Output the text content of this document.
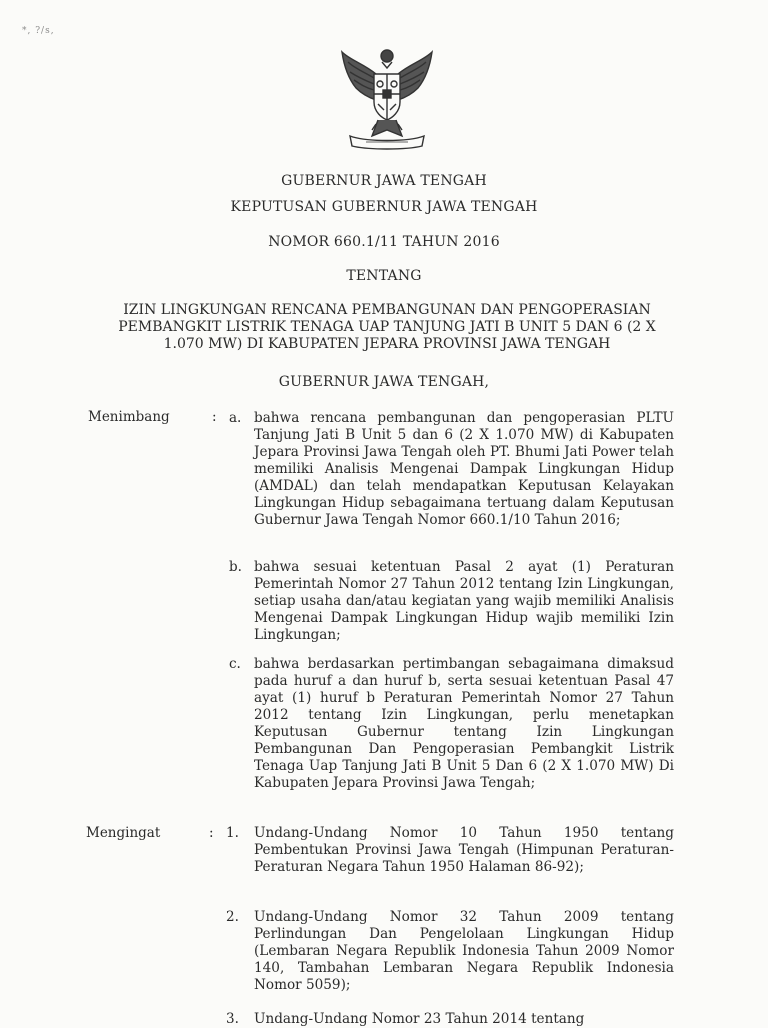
*, ?/s,
GUBERNUR JAWA TENGAH
KEPUTUSAN GUBERNUR JAWA TENGAH
NOMOR 660.1/11 TAHUN 2016
TENTANG
IZIN LINGKUNGAN RENCANA PEMBANGUNAN DAN PENGOPERASIAN
PEMBANGKIT LISTRIK TENAGA UAP TANJUNG JATI B UNIT 5 DAN 6 (2 X
1.070 MW) DI KABUPATEN JEPARA PROVINSI JAWA TENGAH
GUBERNUR JAWA TENGAH,
Menimbang	: a. bahwa rencana pembangunan dan pengoperasian PLTU Tanjung Jati B Unit 5 dan 6 (2 X 1.070 MW) di Kabupaten Jepara Provinsi Jawa Tengah oleh PT. Bhumi Jati Power telah memiliki Analisis Mengenai Dampak Lingkungan Hidup (AMDAL) dan telah mendapatkan Keputusan Kelayakan Lingkungan Hidup sebagaimana tertuang dalam Keputusan Gubernur Jawa Tengah Nomor 660.1/10 Tahun 2016;
b. bahwa sesuai ketentuan Pasal 2 ayat (1) Peraturan Pemerintah Nomor 27 Tahun 2012 tentang Izin Lingkungan, setiap usaha dan/atau kegiatan yang wajib memiliki Analisis Mengenai Dampak Lingkungan Hidup wajib memiliki Izin Lingkungan;
c. bahwa berdasarkan pertimbangan sebagaimana dimaksud pada huruf a dan huruf b, serta sesuai ketentuan Pasal 47 ayat (1) huruf b Peraturan Pemerintah Nomor 27 Tahun 2012 tentang Izin Lingkungan, perlu menetapkan Keputusan Gubernur tentang Izin Lingkungan Pembangunan Dan Pengoperasian Pembangkit Listrik Tenaga Uap Tanjung Jati B Unit 5 Dan 6 (2 X 1.070 MW) Di Kabupaten Jepara Provinsi Jawa Tengah;
Mengingat	: 1. Undang-Undang Nomor 10 Tahun 1950 tentang Pembentukan Provinsi Jawa Tengah (Himpunan Peraturan-Peraturan Negara Tahun 1950 Halaman 86-92);
2. Undang-Undang Nomor 32 Tahun 2009 tentang Perlindungan Dan Pengelolaan Lingkungan Hidup (Lembaran Negara Republik Indonesia Tahun 2009 Nomor 140, Tambahan Lembaran Negara Republik Indonesia Nomor 5059);
3. Undang-Undang Nomor 23 Tahun 2014 tentang
